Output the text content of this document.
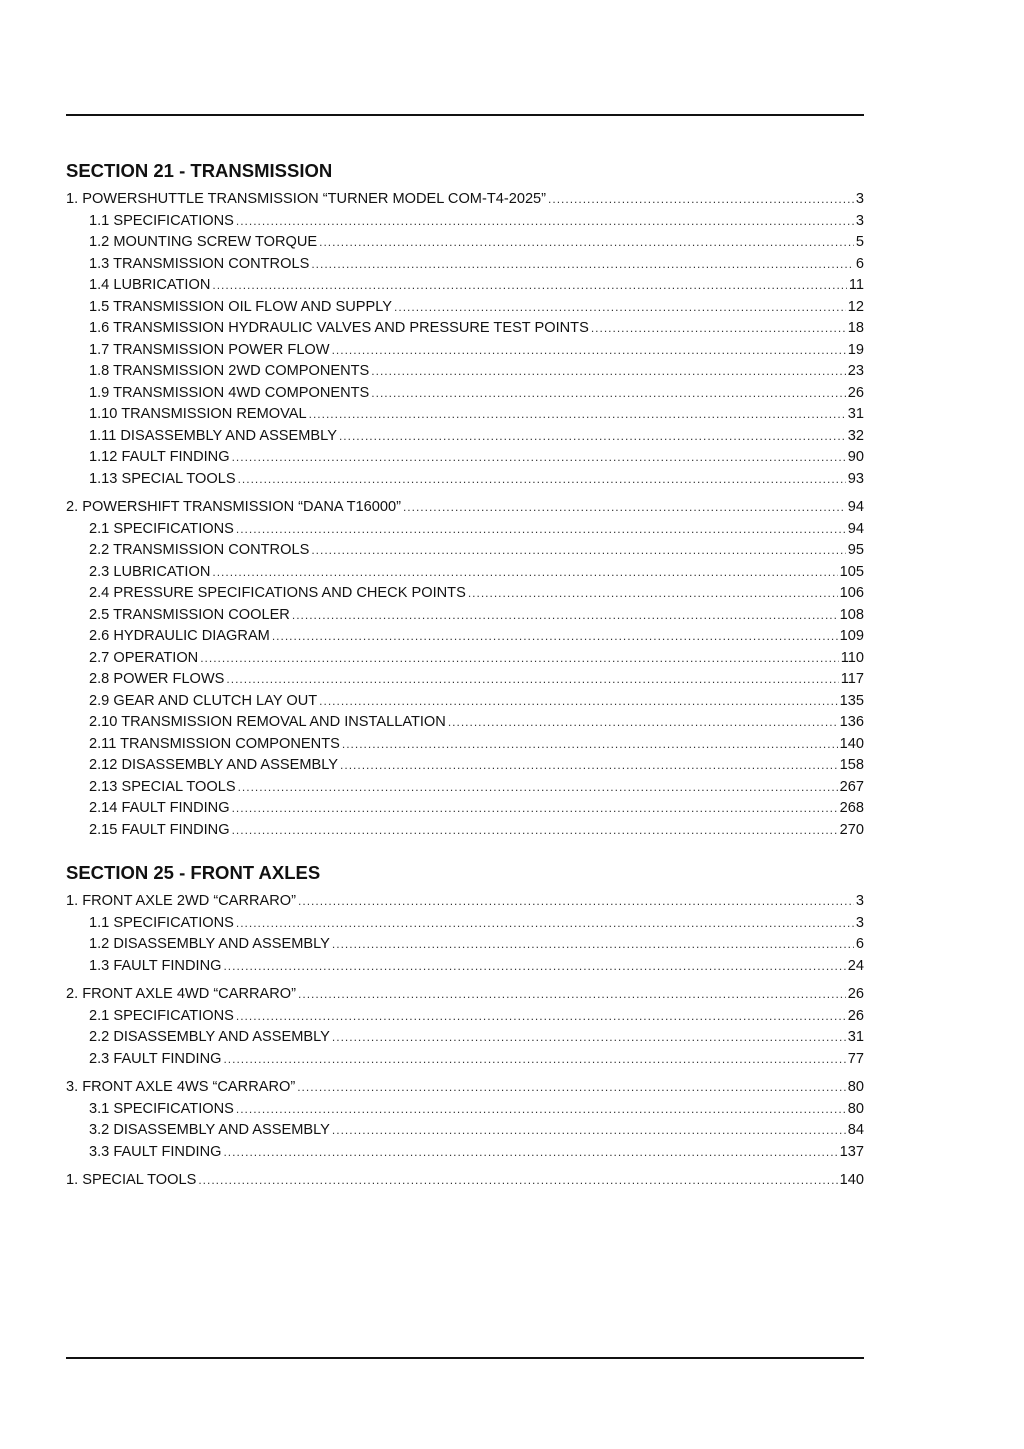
SECTION 21 - TRANSMISSION
1. POWERSHUTTLE TRANSMISSION “TURNER MODEL COM-T4-2025” .....	3
1.1 SPECIFICATIONS .....	3
1.2 MOUNTING SCREW TORQUE .....	5
1.3 TRANSMISSION CONTROLS .....	6
1.4 LUBRICATION .....	11
1.5 TRANSMISSION OIL FLOW AND SUPPLY .....	12
1.6 TRANSMISSION HYDRAULIC VALVES AND PRESSURE TEST POINTS .....	18
1.7 TRANSMISSION POWER FLOW .....	19
1.8 TRANSMISSION 2WD COMPONENTS .....	23
1.9 TRANSMISSION 4WD COMPONENTS .....	26
1.10 TRANSMISSION REMOVAL .....	31
1.11 DISASSEMBLY AND ASSEMBLY .....	32
1.12 FAULT FINDING .....	90
1.13 SPECIAL TOOLS .....	93
2. POWERSHIFT TRANSMISSION “DANA T16000” .....	94
2.1 SPECIFICATIONS .....	94
2.2 TRANSMISSION CONTROLS .....	95
2.3 LUBRICATION .....	105
2.4 PRESSURE SPECIFICATIONS AND CHECK POINTS .....	106
2.5 TRANSMISSION COOLER .....	108
2.6 HYDRAULIC DIAGRAM .....	109
2.7 OPERATION .....	110
2.8 POWER FLOWS .....	117
2.9 GEAR AND CLUTCH LAY OUT .....	135
2.10 TRANSMISSION REMOVAL AND INSTALLATION .....	136
2.11 TRANSMISSION COMPONENTS .....	140
2.12 DISASSEMBLY AND ASSEMBLY .....	158
2.13 SPECIAL TOOLS .....	267
2.14 FAULT FINDING .....	268
2.15 FAULT FINDING .....	270
SECTION 25 - FRONT AXLES
1. FRONT AXLE 2WD “CARRARO” .....	3
1.1 SPECIFICATIONS .....	3
1.2 DISASSEMBLY AND ASSEMBLY .....	6
1.3 FAULT FINDING .....	24
2. FRONT AXLE 4WD “CARRARO” .....	26
2.1 SPECIFICATIONS .....	26
2.2 DISASSEMBLY AND ASSEMBLY .....	31
2.3 FAULT FINDING .....	77
3. FRONT AXLE 4WS “CARRARO” .....	80
3.1 SPECIFICATIONS .....	80
3.2 DISASSEMBLY AND ASSEMBLY .....	84
3.3 FAULT FINDING .....	137
1. SPECIAL TOOLS .....	140
